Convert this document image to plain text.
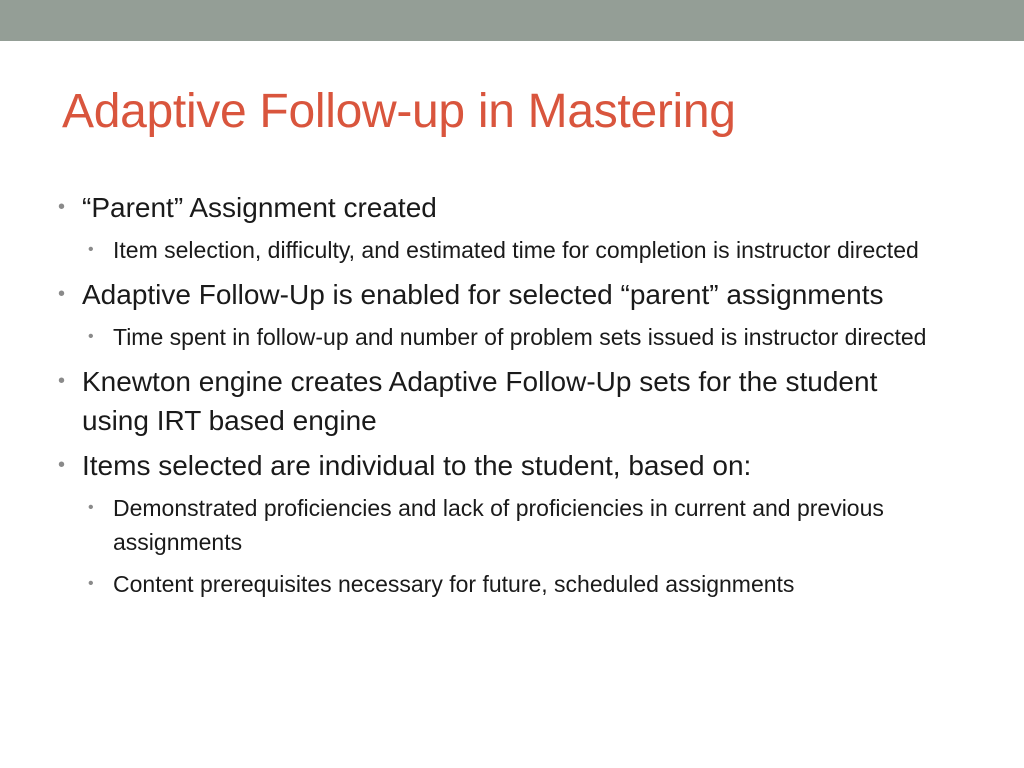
Adaptive Follow-up in Mastering
• “Parent” Assignment created
• Item selection, difficulty, and estimated time for completion is instructor directed
• Adaptive Follow-Up is enabled for selected “parent” assignments
• Time spent in follow-up and number of problem sets issued is instructor directed
• Knewton engine creates Adaptive Follow-Up sets for the student using IRT based engine
• Items selected are individual to the student, based on:
• Demonstrated proficiencies and lack of proficiencies in current and previous assignments
• Content prerequisites necessary for future, scheduled assignments
